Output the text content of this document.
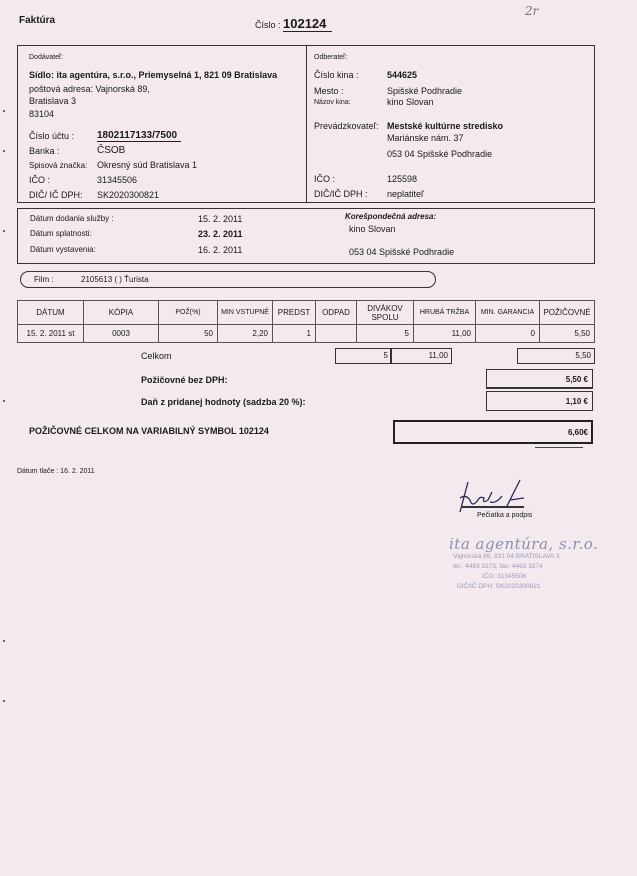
Faktúra	Číslo : 102124
2r
Dodávateľ:
Sídlo: ita agentúra, s.r.o., Priemyselná 1, 821 09 Bratislava
poštová adresa: Vajnorská 89,
Bratislava 3
83104
Číslo účtu : 1802117133/7500
Banka :	ČSOB
Spisová značka: Okresný súd Bratislava 1
IČO :	31345506
DIČ/ IČ DPH: SK2020300821
Odberateľ:
Číslo kina :	544625
Mesto :	Spišské Podhradie
Názov kina:	kino Slovan
Prevádzkovateľ: Mestské kultúrne stredisko
Mariánske nám. 37
053 04 Spišské Podhradie
IČO :	125598
DIČ/IČ DPH : neplatiteľ
Dátum dodania služby :	15. 2. 2011
Dátum splatnosti:	23. 2. 2011
Dátum vystavenia:	16. 2. 2011
Korešpondečná adresa:
kino Slovan
053 04 Spišské Podhradie
Film :	2105613 ( ) Ťurista
DÁTUM	KÓPIA	POŽ(%)	MIN VSTUPNÉ	PREDST	ODPAD	DIVÁKOV SPOLU	HRUBÁ TRŽBA	MIN. GARANCIA	POŽIČOVNÉ
15. 2. 2011 st	0003	50	2,20	1		5	11,00	0	5,50
Celkom	5	11,00	5,50
Požičovné bez DPH:	5,50 €
Daň z pridanej hodnoty (sadzba 20 %):	1,10 €
POŽIČOVNÉ CELKOM NA VARIABILNÝ SYMBOL 102124	6,60€
Dátum tlače : 16. 2. 2011
Pečiatka a podpis
ita agentúra, s.r.o.
Vajnorská 89, 831 04 BRATISLAVA 3
tel.: 4463 3273, fax: 4463 3274
IČO: 31345506
DIČ/IČ DPH: SK2020300821
